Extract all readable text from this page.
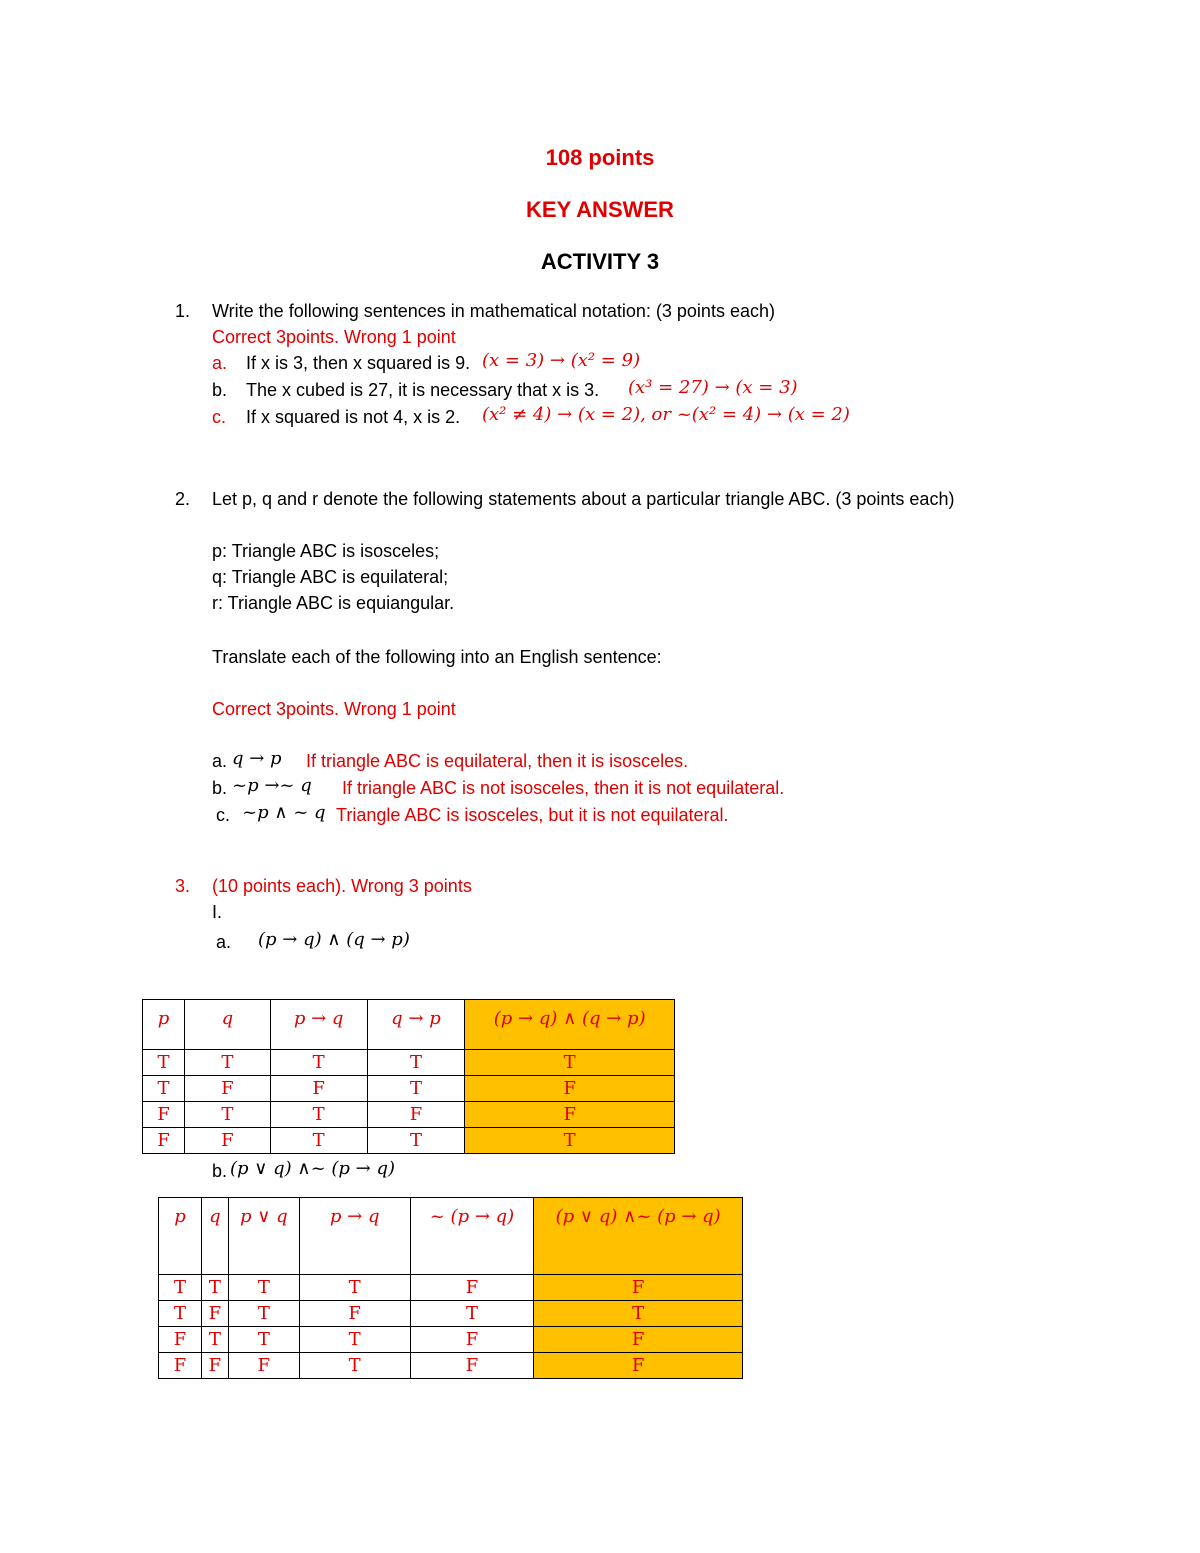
108 points
KEY ANSWER
ACTIVITY 3
1. Write the following sentences in mathematical notation: (3 points each)
Correct 3points. Wrong 1 point
a. If x is 3, then x squared is 9. (x = 3) → (x² = 9)
b. The x cubed is 27, it is necessary that x is 3. (x³ = 27) → (x = 3)
c. If x squared is not 4, x is 2. (x² ≠ 4) → (x = 2), or ~(x² = 4) → (x = 2)
2. Let p, q and r denote the following statements about a particular triangle ABC. (3 points each)
p: Triangle ABC is isosceles;
q: Triangle ABC is equilateral;
r: Triangle ABC is equiangular.
Translate each of the following into an English sentence:
Correct 3points. Wrong 1 point
a. q → p If triangle ABC is equilateral, then it is isosceles.
b. ~p →~ q If triangle ABC is not isosceles, then it is not equilateral.
c. ~p ∧ ~ q Triangle ABC is isosceles, but it is not equilateral.
3. (10 points each). Wrong 3 points
I.
a. (p → q) ∧ (q → p)
p	q	p → q	q → p	(p → q) ∧ (q → p)
T	T	T	T	T
T	F	F	T	F
F	T	T	F	F
F	F	T	T	T
b. (p ∨ q) ∧~ (p → q)
p	q	p ∨ q	p → q	~ (p → q)	(p ∨ q) ∧~ (p → q)
T	T	T	T	F	F
T	F	T	F	T	T
F	T	T	T	F	F
F	F	F	T	F	F
